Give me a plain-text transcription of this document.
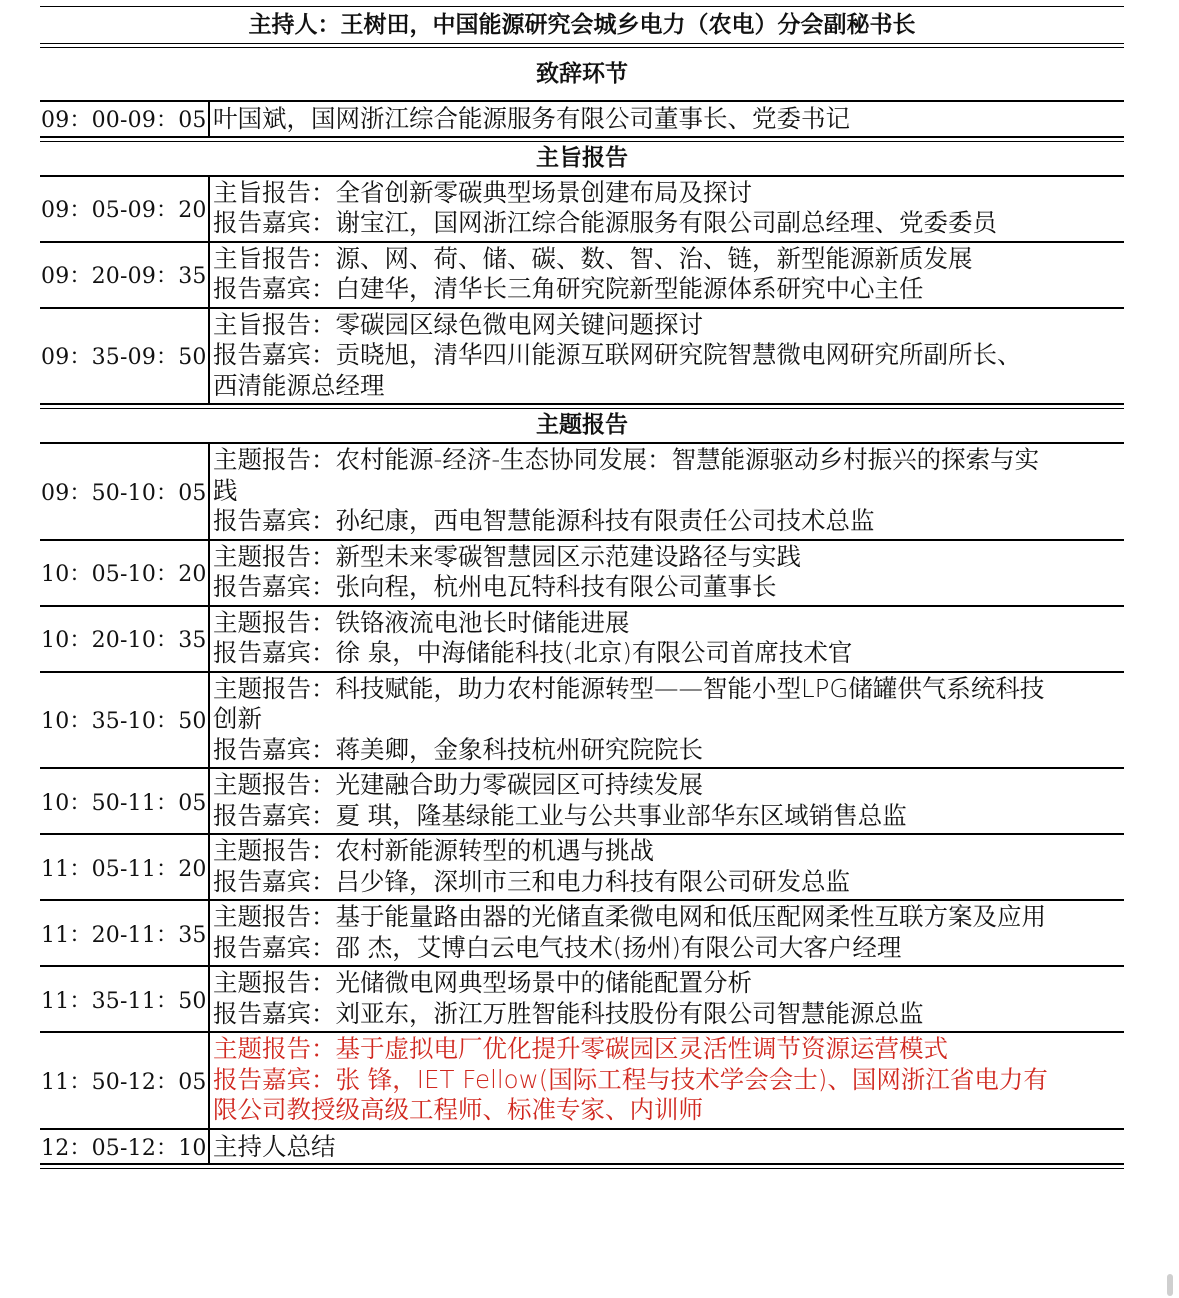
主持人：王树田，中国能源研究会城乡电力（农电）分会副秘书长
致辞环节
09：00-09：05 叶国斌，国网浙江综合能源服务有限公司董事长、党委书记
主旨报告
09：05-09：20
主旨报告：全省创新零碳典型场景创建布局及探讨
报告嘉宾：谢宝江，国网浙江综合能源服务有限公司副总经理、党委委员
09：20-09：35
主旨报告：源、网、荷、储、碳、数、智、治、链，新型能源新质发展
报告嘉宾：白建华，清华长三角研究院新型能源体系研究中心主任
09：35-09：50
主旨报告：零碳园区绿色微电网关键问题探讨
报告嘉宾：贡晓旭，清华四川能源互联网研究院智慧微电网研究所副所长、
西清能源总经理
主题报告
09：50-10：05
主题报告：农村能源-经济-生态协同发展：智慧能源驱动乡村振兴的探索与实
践
报告嘉宾：孙纪康，西电智慧能源科技有限责任公司技术总监
10：05-10：20
主题报告：新型未来零碳智慧园区示范建设路径与实践
报告嘉宾：张向程，杭州电瓦特科技有限公司董事长
10：20-10：35
主题报告：铁铬液流电池长时储能进展
报告嘉宾：徐 泉，中海储能科技(北京)有限公司首席技术官
10：35-10：50
主题报告：科技赋能，助力农村能源转型——智能小型LPG储罐供气系统科技
创新
报告嘉宾：蒋美卿，金象科技杭州研究院院长
10：50-11：05
主题报告：光建融合助力零碳园区可持续发展
报告嘉宾：夏 琪，隆基绿能工业与公共事业部华东区域销售总监
11：05-11：20
主题报告：农村新能源转型的机遇与挑战
报告嘉宾：吕少锋，深圳市三和电力科技有限公司研发总监
11：20-11：35
主题报告：基于能量路由器的光储直柔微电网和低压配网柔性互联方案及应用
报告嘉宾：邵 杰，艾博白云电气技术(扬州)有限公司大客户经理
11：35-11：50
主题报告：光储微电网典型场景中的储能配置分析
报告嘉宾：刘亚东，浙江万胜智能科技股份有限公司智慧能源总监
11：50-12：05
主题报告：基于虚拟电厂优化提升零碳园区灵活性调节资源运营模式
报告嘉宾：张 锋，IET Fellow(国际工程与技术学会会士)、国网浙江省电力有
限公司教授级高级工程师、标准专家、内训师
12：05-12：10 主持人总结
